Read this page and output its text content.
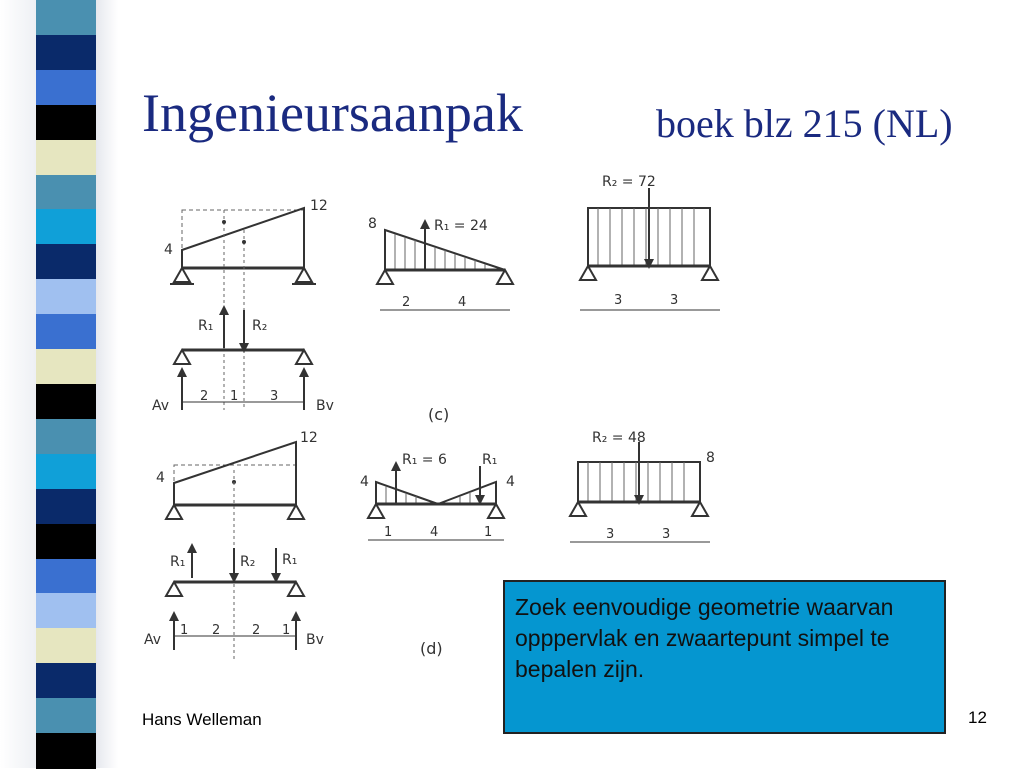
Ingenieursaanpak	boek blz 215 (NL)
12
4
R₁	R₂
Av	Bv
2 1 3
8	R₁ = 24
2	4
R₂ = 72
3	3
(c)
12
4
R₁	R₂ R₁
Av	Bv
1 2 2 1
4	4
R₁ = 6	R₁
1	4	1
R₂ = 48
8
3	3
(d)
Zoek eenvoudige geometrie waarvan opppervlak en zwaartepunt simpel te bepalen zijn.
Hans Welleman	12
